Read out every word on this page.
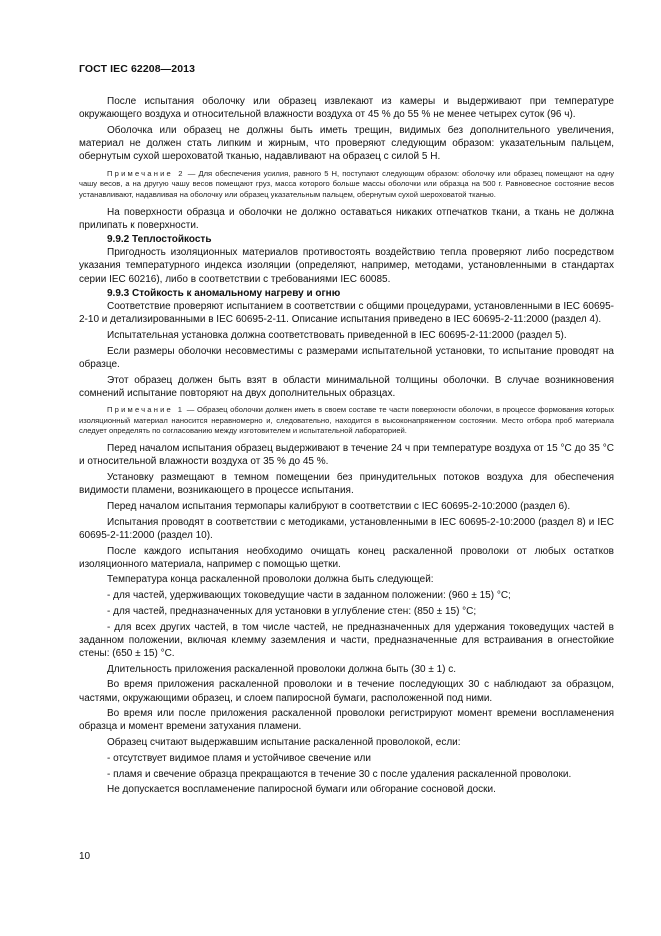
ГОСТ IEC 62208—2013

После испытания оболочку или образец извлекают из камеры и выдерживают при температуре окружающего воздуха и относительной влажности воздуха от 45 % до 55 % не менее четырех суток (96 ч).

Оболочка или образец не должны быть иметь трещин, видимых без дополнительного увеличения, материал не должен стать липким и жирным, что проверяют следующим образом: указательным пальцем, обернутым сухой шероховатой тканью, надавливают на образец с силой 5 Н.

Примечание 2 — Для обеспечения усилия, равного 5 Н, поступают следующим образом: оболочку или образец помещают на одну чашу весов, а на другую чашу весов помещают груз, масса которого больше массы оболочки или образца на 500 г. Равновесное состояние весов устанавливают, надавливая на оболочку или образец указательным пальцем, обернутым сухой шероховатой тканью.

На поверхности образца и оболочки не должно оставаться никаких отпечатков ткани, а ткань не должна прилипать к поверхности.

9.9.2 Теплостойкость

Пригодность изоляционных материалов противостоять воздействию тепла проверяют либо посредством указания температурного индекса изоляции (определяют, например, методами, установленными в стандартах серии IEC 60216), либо в соответствии с требованиями IEC 60085.

9.9.3 Стойкость к аномальному нагреву и огню

Соответствие проверяют испытанием в соответствии с общими процедурами, установленными в IEC 60695-2-10 и детализированными в IEC 60695-2-11. Описание испытания приведено в IEC 60695-2-11:2000 (раздел 4).

Испытательная установка должна соответствовать приведенной в IEC 60695-2-11:2000 (раздел 5).

Если размеры оболочки несовместимы с размерами испытательной установки, то испытание проводят на образце.

Этот образец должен быть взят в области минимальной толщины оболочки. В случае возникновения сомнений испытание повторяют на двух дополнительных образцах.

Примечание 1 — Образец оболочки должен иметь в своем составе те части поверхности оболочки, в процессе формования которых изоляционный материал наносится неравномерно и, следовательно, находится в высоконапряженном состоянии. Место отбора проб материала следует определять по согласованию между изготовителем и испытательной лабораторией.

Перед началом испытания образец выдерживают в течение 24 ч при температуре воздуха от 15 °С до 35 °С и относительной влажности воздуха от 35 % до 45 %.

Установку размещают в темном помещении без принудительных потоков воздуха для обеспечения видимости пламени, возникающего в процессе испытания.

Перед началом испытания термопары калибруют в соответствии с IEC 60695-2-10:2000 (раздел 6).

Испытания проводят в соответствии с методиками, установленными в IEC 60695-2-10:2000 (раздел 8) и IEC 60695-2-11:2000 (раздел 10).

После каждого испытания необходимо очищать конец раскаленной проволоки от любых остатков изоляционного материала, например с помощью щетки.

Температура конца раскаленной проволоки должна быть следующей:

- для частей, удерживающих токоведущие части в заданном положении: (960 ± 15) °С;

- для частей, предназначенных для установки в углубление стен: (850 ± 15) °С;

- для всех других частей, в том числе частей, не предназначенных для удержания токоведущих частей в заданном положении, включая клемму заземления и части, предназначенные для встраивания в огнестойкие стены: (650 ± 15) °С.

Длительность приложения раскаленной проволоки должна быть (30 ± 1) с.

Во время приложения раскаленной проволоки и в течение последующих 30 с наблюдают за образцом, частями, окружающими образец, и слоем папиросной бумаги, расположенной под ними.

Во время или после приложения раскаленной проволоки регистрируют момент времени воспламенения образца и момент времени затухания пламени.

Образец считают выдержавшим испытание раскаленной проволокой, если:

- отсутствует видимое пламя и устойчивое свечение или

- пламя и свечение образца прекращаются в течение 30 с после удаления раскаленной проволоки.

Не допускается воспламенение папиросной бумаги или обгорание сосновой доски.

10
